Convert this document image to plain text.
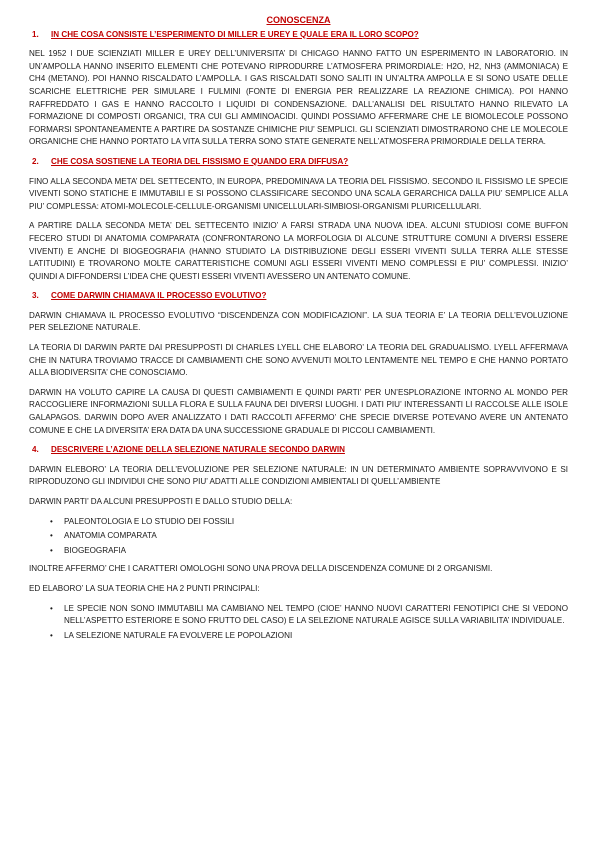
CONOSCENZA
1. IN CHE COSA CONSISTE L’ESPERIMENTO DI MILLER E UREY E QUALE ERA IL LORO SCOPO?

NEL 1952 I DUE SCIENZIATI MILLER E UREY DELL’UNIVERSITA’ DI CHICAGO HANNO FATTO UN ESPERIMENTO IN LABORATORIO. IN UN’AMPOLLA HANNO INSERITO ELEMENTI CHE POTEVANO RIPRODURRE L’ATMOSFERA PRIMORDIALE: H2O, H2, NH3 (AMMONIACA) E CH4 (METANO). POI HANNO RISCALDATO L’AMPOLLA. I GAS RISCALDATI SONO SALITI IN UN’ALTRA AMPOLLA E SI SONO USATE DELLE SCARICHE ELETTRICHE PER SIMULARE I FULMINI (FONTE DI ENERGIA PER REALIZZARE LA REAZIONE CHIMICA). POI HANNO RAFFREDDATO I GAS E HANNO RACCOLTO I LIQUIDI DI CONDENSAZIONE. DALL’ANALISI DEL RISULTATO HANNO RILEVATO LA FORMAZIONE DI COMPOSTI ORGANICI, TRA CUI GLI AMMINOACIDI. QUINDI POSSIAMO AFFERMARE CHE LE BIOMOLECOLE POSSONO FORMARSI SPONTANEAMENTE A PARTIRE DA SOSTANZE CHIMICHE PIU’ SEMPLICI. GLI SCIENZIATI DIMOSTRARONO CHE LE MOLECOLE ORGANICHE CHE HANNO PORTATO LA VITA SULLA TERRA SONO STATE GENERATE NELL’ATMOSFERA PRIMORDIALE DELLA TERRA.

2. CHE COSA SOSTIENE LA TEORIA DEL FISSISMO E QUANDO ERA DIFFUSA?

FINO ALLA SECONDA META’ DEL SETTECENTO, IN EUROPA, PREDOMINAVA LA TEORIA DEL FISSISMO. SECONDO IL FISSISMO LE SPECIE VIVENTI SONO STATICHE E IMMUTABILI E SI POSSONO CLASSIFICARE SECONDO UNA SCALA GERARCHICA DALLA PIU’ SEMPLICE ALLA PIU’ COMPLESSA: ATOMI-MOLECOLE-CELLULE-ORGANISMI UNICELLULARI-SIMBIOSI-ORGANISMI PLURICELLULARI.

A PARTIRE DALLA SECONDA META’ DEL SETTECENTO INIZIO’ A FARSI STRADA UNA NUOVA IDEA. ALCUNI STUDIOSI COME BUFFON FECERO STUDI DI ANATOMIA COMPARATA (CONFRONTARONO LA MORFOLOGIA DI ALCUNE STRUTTURE COMUNI A DIVERSI ESSERE VIVENTI) E ANCHE DI BIOGEOGRAFIA (HANNO STUDIATO LA DISTRIBUZIONE DEGLI ESSERI VIVENTI SULLA TERRA ALLE STESSE LATITUDINI) E TROVARONO MOLTE CARATTERISTICHE COMUNI AGLI ESSERI VIVENTI MENO COMPLESSI E PIU’ COMPLESSI. INIZIO’ QUINDI A DIFFONDERSI L’IDEA CHE QUESTI ESSERI VIVENTI AVESSERO UN ANTENATO COMUNE.

3. COME DARWIN CHIAMAVA IL PROCESSO EVOLUTIVO?

DARWIN CHIAMAVA IL PROCESSO EVOLUTIVO “DISCENDENZA CON MODIFICAZIONI”. LA SUA TEORIA E’ LA TEORIA DELL’EVOLUZIONE PER SELEZIONE NATURALE.

LA TEORIA DI DARWIN PARTE DAI PRESUPPOSTI DI CHARLES LYELL CHE ELABORO’ LA TEORIA DEL GRADUALISMO. LYELL AFFERMAVA CHE IN NATURA TROVIAMO TRACCE DI CAMBIAMENTI CHE SONO AVVENUTI MOLTO LENTAMENTE NEL TEMPO E CHE HANNO PORTATO ALLA BIODIVERSITA’ CHE CONOSCIAMO.

DARWIN HA VOLUTO CAPIRE LA CAUSA DI QUESTI CAMBIAMENTI E QUINDI PARTI’ PER UN’ESPLORAZIONE INTORNO AL MONDO PER RACCOGLIERE INFORMAZIONI SULLA FLORA E SULLA FAUNA DEI DIVERSI LUOGHI. I DATI PIU’ INTERESSANTI LI RACCOLSE ALLE ISOLE GALAPAGOS. DARWIN DOPO AVER ANALIZZATO I DATI RACCOLTI AFFERMO’ CHE SPECIE DIVERSE POTEVANO AVERE UN ANTENATO COMUNE E CHE LA DIVERSITA’ ERA DATA DA UNA SUCCESSIONE GRADUALE DI PICCOLI CAMBIAMENTI.

4. DESCRIVERE L’AZIONE DELLA SELEZIONE NATURALE SECONDO DARWIN

DARWIN ELEBORO’ LA TEORIA DELL’EVOLUZIONE PER SELEZIONE NATURALE: IN UN DETERMINATO AMBIENTE SOPRAVVIVONO E SI RIPRODUZONO GLI INDIVIDUI CHE SONO PIU’ ADATTI ALLE CONDIZIONI AMBIENTALI DI QUELL’AMBIENTE

DARWIN PARTI’ DA ALCUNI PRESUPPOSTI E DALLO STUDIO DELLA:

• PALEONTOLOGIA E LO STUDIO DEI FOSSILI
• ANATOMIA COMPARATA
• BIOGEOGRAFIA

INOLTRE AFFERMO’ CHE I CARATTERI OMOLOGHI SONO UNA PROVA DELLA DISCENDENZA COMUNE DI 2 ORGANISMI.

ED ELABORO’ LA SUA TEORIA CHE HA 2 PUNTI PRINCIPALI:

• LE SPECIE NON SONO IMMUTABILI MA CAMBIANO NEL TEMPO (CIOE’ HANNO NUOVI CARATTERI FENOTIPICI CHE SI VEDONO NELL’ASPETTO ESTERIORE E SONO FRUTTO DEL CASO) E LA SELEZIONE NATURALE AGISCE SULLA VARIABILITA’ INDIVIDUALE.
• LA SELEZIONE NATURALE FA EVOLVERE LE POPOLAZIONI
